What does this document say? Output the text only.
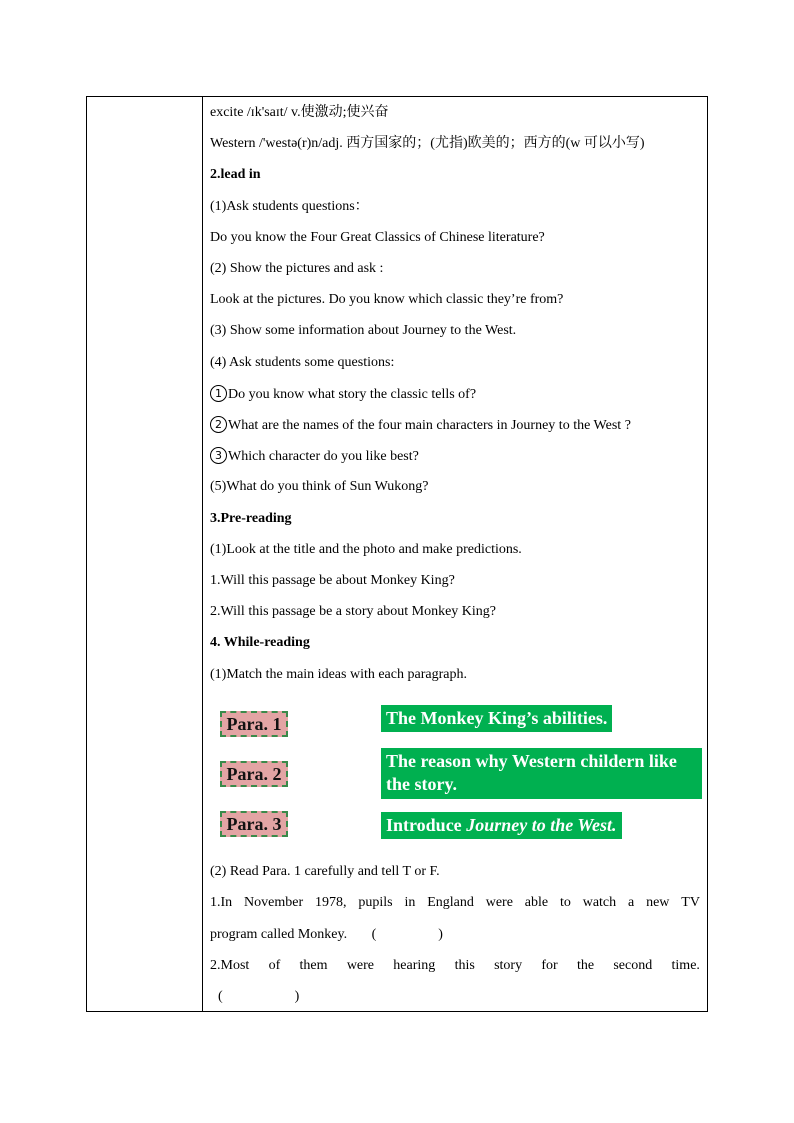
excite /ɪk'saɪt/ v.使激动;使兴奋
Western /'westə(r)n/adj. 西方国家的；(尤指)欧美的；西方的(w 可以小写)
2.lead in
(1)Ask students questions：
Do you know the Four Great Classics of Chinese literature?
(2) Show the pictures and ask :
Look at the pictures. Do you know which classic they’re from?
(3) Show some information about Journey to the West.
(4) Ask students some questions:
1 Do you know what story the classic tells of?
2 What are the names of the four main characters in Journey to the West ?
3 Which character do you like best?
(5)What do you think of Sun Wukong?
3.Pre-reading
(1)Look at the title and the photo and make predictions.
1.Will this passage be about Monkey King?
2.Will this passage be a story about Monkey King?
4. While-reading
(1)Match the main ideas with each paragraph.
Para. 1
Para. 2
Para. 3
The Monkey King’s abilities.
The reason why Western childern like the story.
Introduce Journey to the West.
(2) Read Para. 1 carefully and tell T or F.
1.In November 1978, pupils in England were able to watch a new TV
program called Monkey. (	)
2.Most of them were hearing this story for the second time.
(	)
